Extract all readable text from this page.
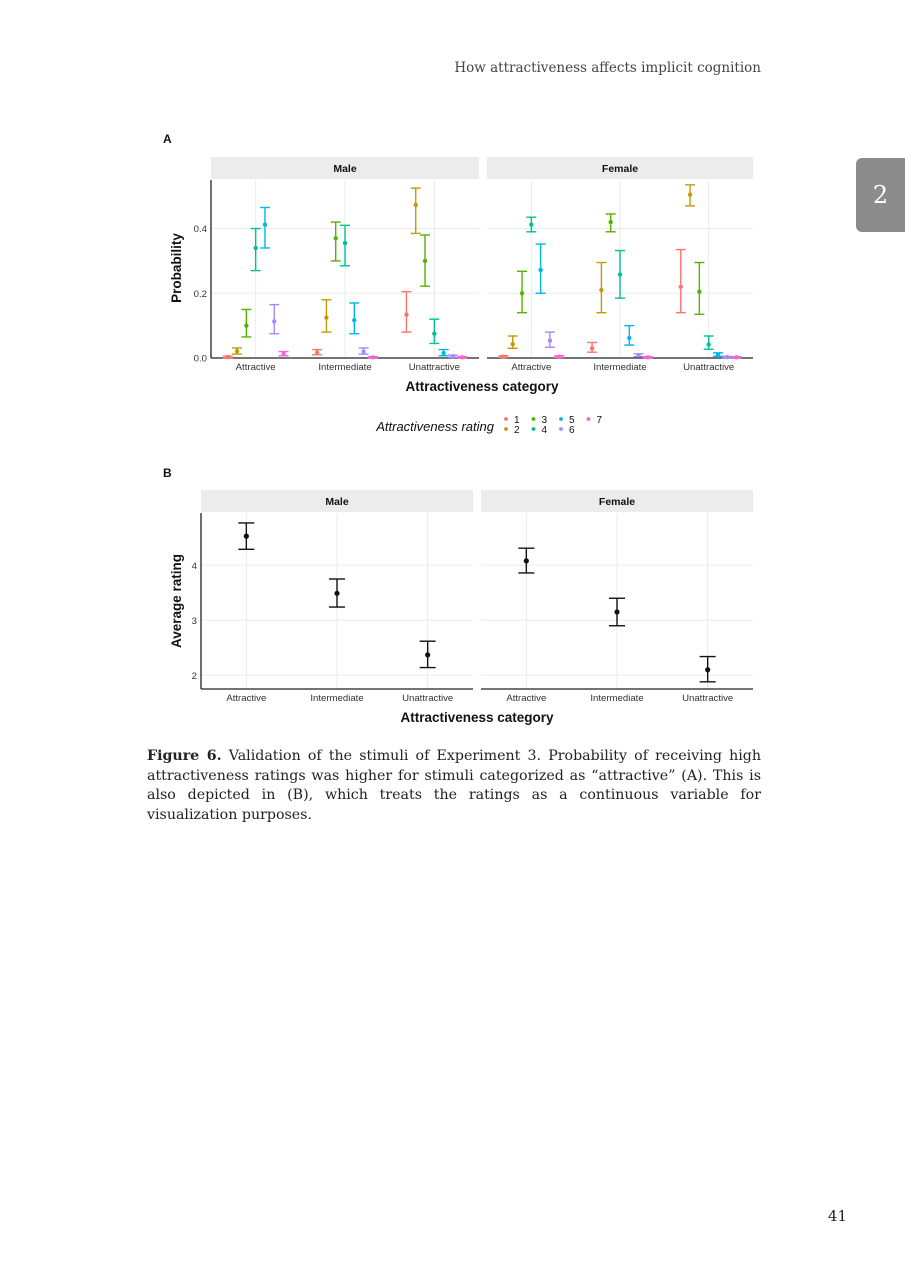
How attractiveness affects implicit cognition
2
A
Male
Attractive	Intermediate	Unattractive
0.0
0.2
0.4
Female
Attractive	Intermediate	Unattractive
Attractiveness category
Probability
Attractiveness rating 1
2
3
4
5
6
7
B
Male
Attractive	Intermediate	Unattractive
2
3
4
Female
Attractive	Intermediate	Unattractive
Attractiveness category
Average rating
Figure 6. Validation of the stimuli of Experiment 3. Probability of receiving high attractiveness ratings was higher for stimuli categorized as “attractive” (A). This is also depicted in (B), which treats the ratings as a continuous variable for visualization purposes.
41
